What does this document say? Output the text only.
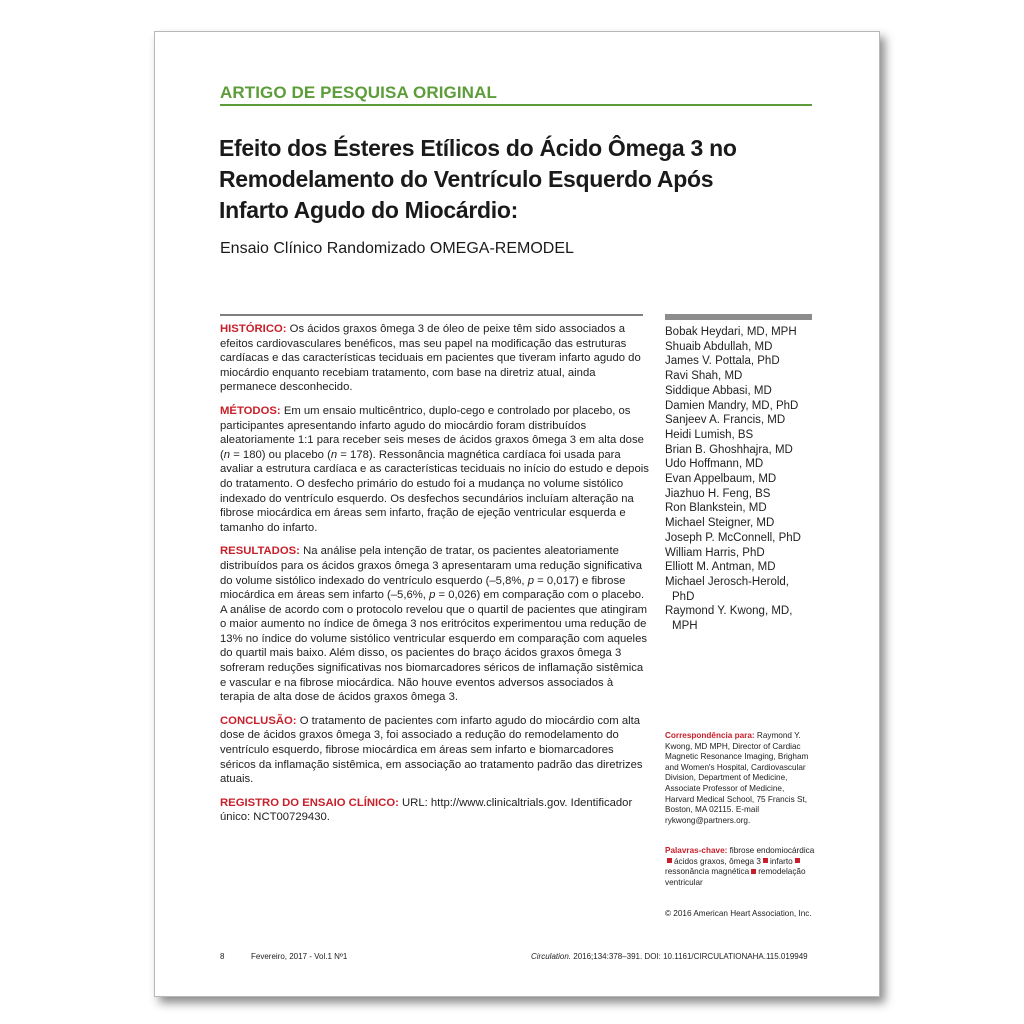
ARTIGO DE PESQUISA ORIGINAL
Efeito dos Ésteres Etílicos do Ácido Ômega 3 no
Remodelamento do Ventrículo Esquerdo Após
Infarto Agudo do Miocárdio:
Ensaio Clínico Randomizado OMEGA-REMODEL

HISTÓRICO: Os ácidos graxos ômega 3 de óleo de peixe têm sido associados a efeitos cardiovasculares benéficos, mas seu papel na modificação das estruturas cardíacas e das características teciduais em pacientes que tiveram infarto agudo do miocárdio enquanto recebiam tratamento, com base na diretriz atual, ainda permanece desconhecido.

MÉTODOS: Em um ensaio multicêntrico, duplo-cego e controlado por placebo, os participantes apresentando infarto agudo do miocárdio foram distribuídos aleatoriamente 1:1 para receber seis meses de ácidos graxos ômega 3 em alta dose (n = 180) ou placebo (n = 178). Ressonância magnética cardíaca foi usada para avaliar a estrutura cardíaca e as características teciduais no início do estudo e depois do tratamento. O desfecho primário do estudo foi a mudança no volume sistólico indexado do ventrículo esquerdo. Os desfechos secundários incluíam alteração na fibrose miocárdica em áreas sem infarto, fração de ejeção ventricular esquerda e tamanho do infarto.

RESULTADOS: Na análise pela intenção de tratar, os pacientes aleatoriamente distribuídos para os ácidos graxos ômega 3 apresentaram uma redução significativa do volume sistólico indexado do ventrículo esquerdo (–5,8%, p = 0,017) e fibrose miocárdica em áreas sem infarto (–5,6%, p = 0,026) em comparação com o placebo. A análise de acordo com o protocolo revelou que o quartil de pacientes que atingiram o maior aumento no índice de ômega 3 nos eritrócitos experimentou uma redução de 13% no índice do volume sistólico ventricular esquerdo em comparação com aqueles do quartil mais baixo. Além disso, os pacientes do braço ácidos graxos ômega 3 sofreram reduções significativas nos biomarcadores séricos de inflamação sistêmica e vascular e na fibrose miocárdica. Não houve eventos adversos associados à terapia de alta dose de ácidos graxos ômega 3.

CONCLUSÃO: O tratamento de pacientes com infarto agudo do miocárdio com alta dose de ácidos graxos ômega 3, foi associado a redução do remodelamento do ventrículo esquerdo, fibrose miocárdica em áreas sem infarto e biomarcadores séricos da inflamação sistêmica, em associação ao tratamento padrão das diretrizes atuais.

REGISTRO DO ENSAIO CLÍNICO: URL: http://www.clinicaltrials.gov. Identificador único: NCT00729430.

Bobak Heydari, MD, MPH
Shuaib Abdullah, MD
James V. Pottala, PhD
Ravi Shah, MD
Siddique Abbasi, MD
Damien Mandry, MD, PhD
Sanjeev A. Francis, MD
Heidi Lumish, BS
Brian B. Ghoshhajra, MD
Udo Hoffmann, MD
Evan Appelbaum, MD
Jiazhuo H. Feng, BS
Ron Blankstein, MD
Michael Steigner, MD
Joseph P. McConnell, PhD
William Harris, PhD
Elliott M. Antman, MD
Michael Jerosch-Herold,
PhD
Raymond Y. Kwong, MD,
MPH
Correspondência para: Raymond Y. Kwong, MD MPH, Director of Cardiac Magnetic Resonance Imaging, Brigham and Women's Hospital, Cardiovascular Division, Department of Medicine, Associate Professor of Medicine, Harvard Medical School, 75 Francis St, Boston, MA 02115. E-mail rykwong@partners.org.
Palavras-chave: fibrose endomiocárdicaácidos graxos, ômega 3 infartoressonância magnética remodelação ventricular
© 2016 American Heart Association, Inc.
8	Fevereiro, 2017 - Vol.1 Nº1	Circulation. 2016;134:378–391. DOI: 10.1161/CIRCULATIONAHA.115.019949
